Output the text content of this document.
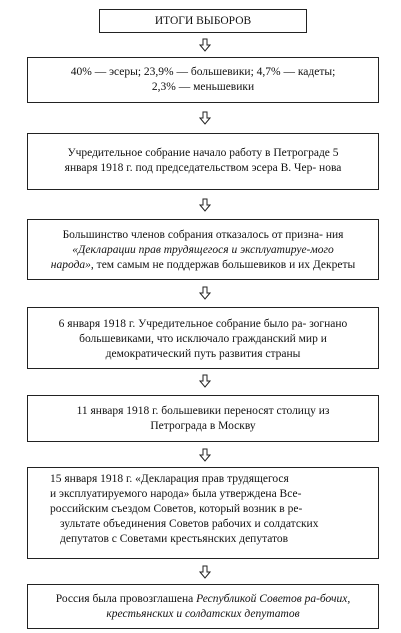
ИТОГИ ВЫБОРОВ
40% — эсеры; 23,9% — большевики; 4,7% — кадеты;
2,3% — меньшевики
Учредительное собрание начало работу в Петрограде 5
января 1918 г. под председательством эсера В. Чер- нова
Большинство членов собрания отказалось от призна- ния
«Декларации прав трудящегося и эксплуатируе-мого
народа», тем самым не поддержав большевиков и их Декреты
6 января 1918 г. Учредительное собрание было ра- зогнано
большевиками, что исключало гражданский мир и
демократический путь развития страны
11 января 1918 г. большевики переносят столицу из
Петрограда в Москву
15 января 1918 г. «Декларация прав трудящегося
и эксплуатируемого народа» была утверждена Все-
российским съездом Советов, который возник в ре-
зультате объединения Советов рабочих и солдатских
депутатов с Советами крестьянских депутатов
Россия была провозглашена Республикой Советов ра-бочих,
крестьянских и солдатских депутатов
